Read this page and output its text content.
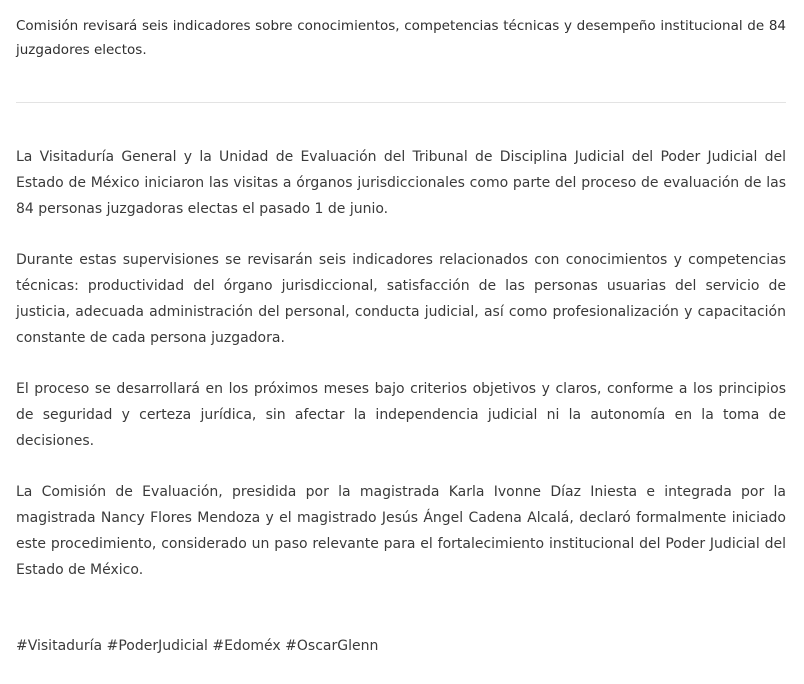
Comisión revisará seis indicadores sobre conocimientos, competencias técnicas y desempeño institucional de 84 juzgadores electos.

La Visitaduría General y la Unidad de Evaluación del Tribunal de Disciplina Judicial del Poder Judicial del Estado de México iniciaron las visitas a órganos jurisdiccionales como parte del proceso de evaluación de las 84 personas juzgadoras electas el pasado 1 de junio.

Durante estas supervisiones se revisarán seis indicadores relacionados con conocimientos y competencias técnicas: productividad del órgano jurisdiccional, satisfacción de las personas usuarias del servicio de justicia, adecuada administración del personal, conducta judicial, así como profesionalización y capacitación constante de cada persona juzgadora.

El proceso se desarrollará en los próximos meses bajo criterios objetivos y claros, conforme a los principios de seguridad y certeza jurídica, sin afectar la independencia judicial ni la autonomía en la toma de decisiones.

La Comisión de Evaluación, presidida por la magistrada Karla Ivonne Díaz Iniesta e integrada por la magistrada Nancy Flores Mendoza y el magistrado Jesús Ángel Cadena Alcalá, declaró formalmente iniciado este procedimiento, considerado un paso relevante para el fortalecimiento institucional del Poder Judicial del Estado de México.

#Visitaduría #PoderJudicial #Edoméx #OscarGlenn
